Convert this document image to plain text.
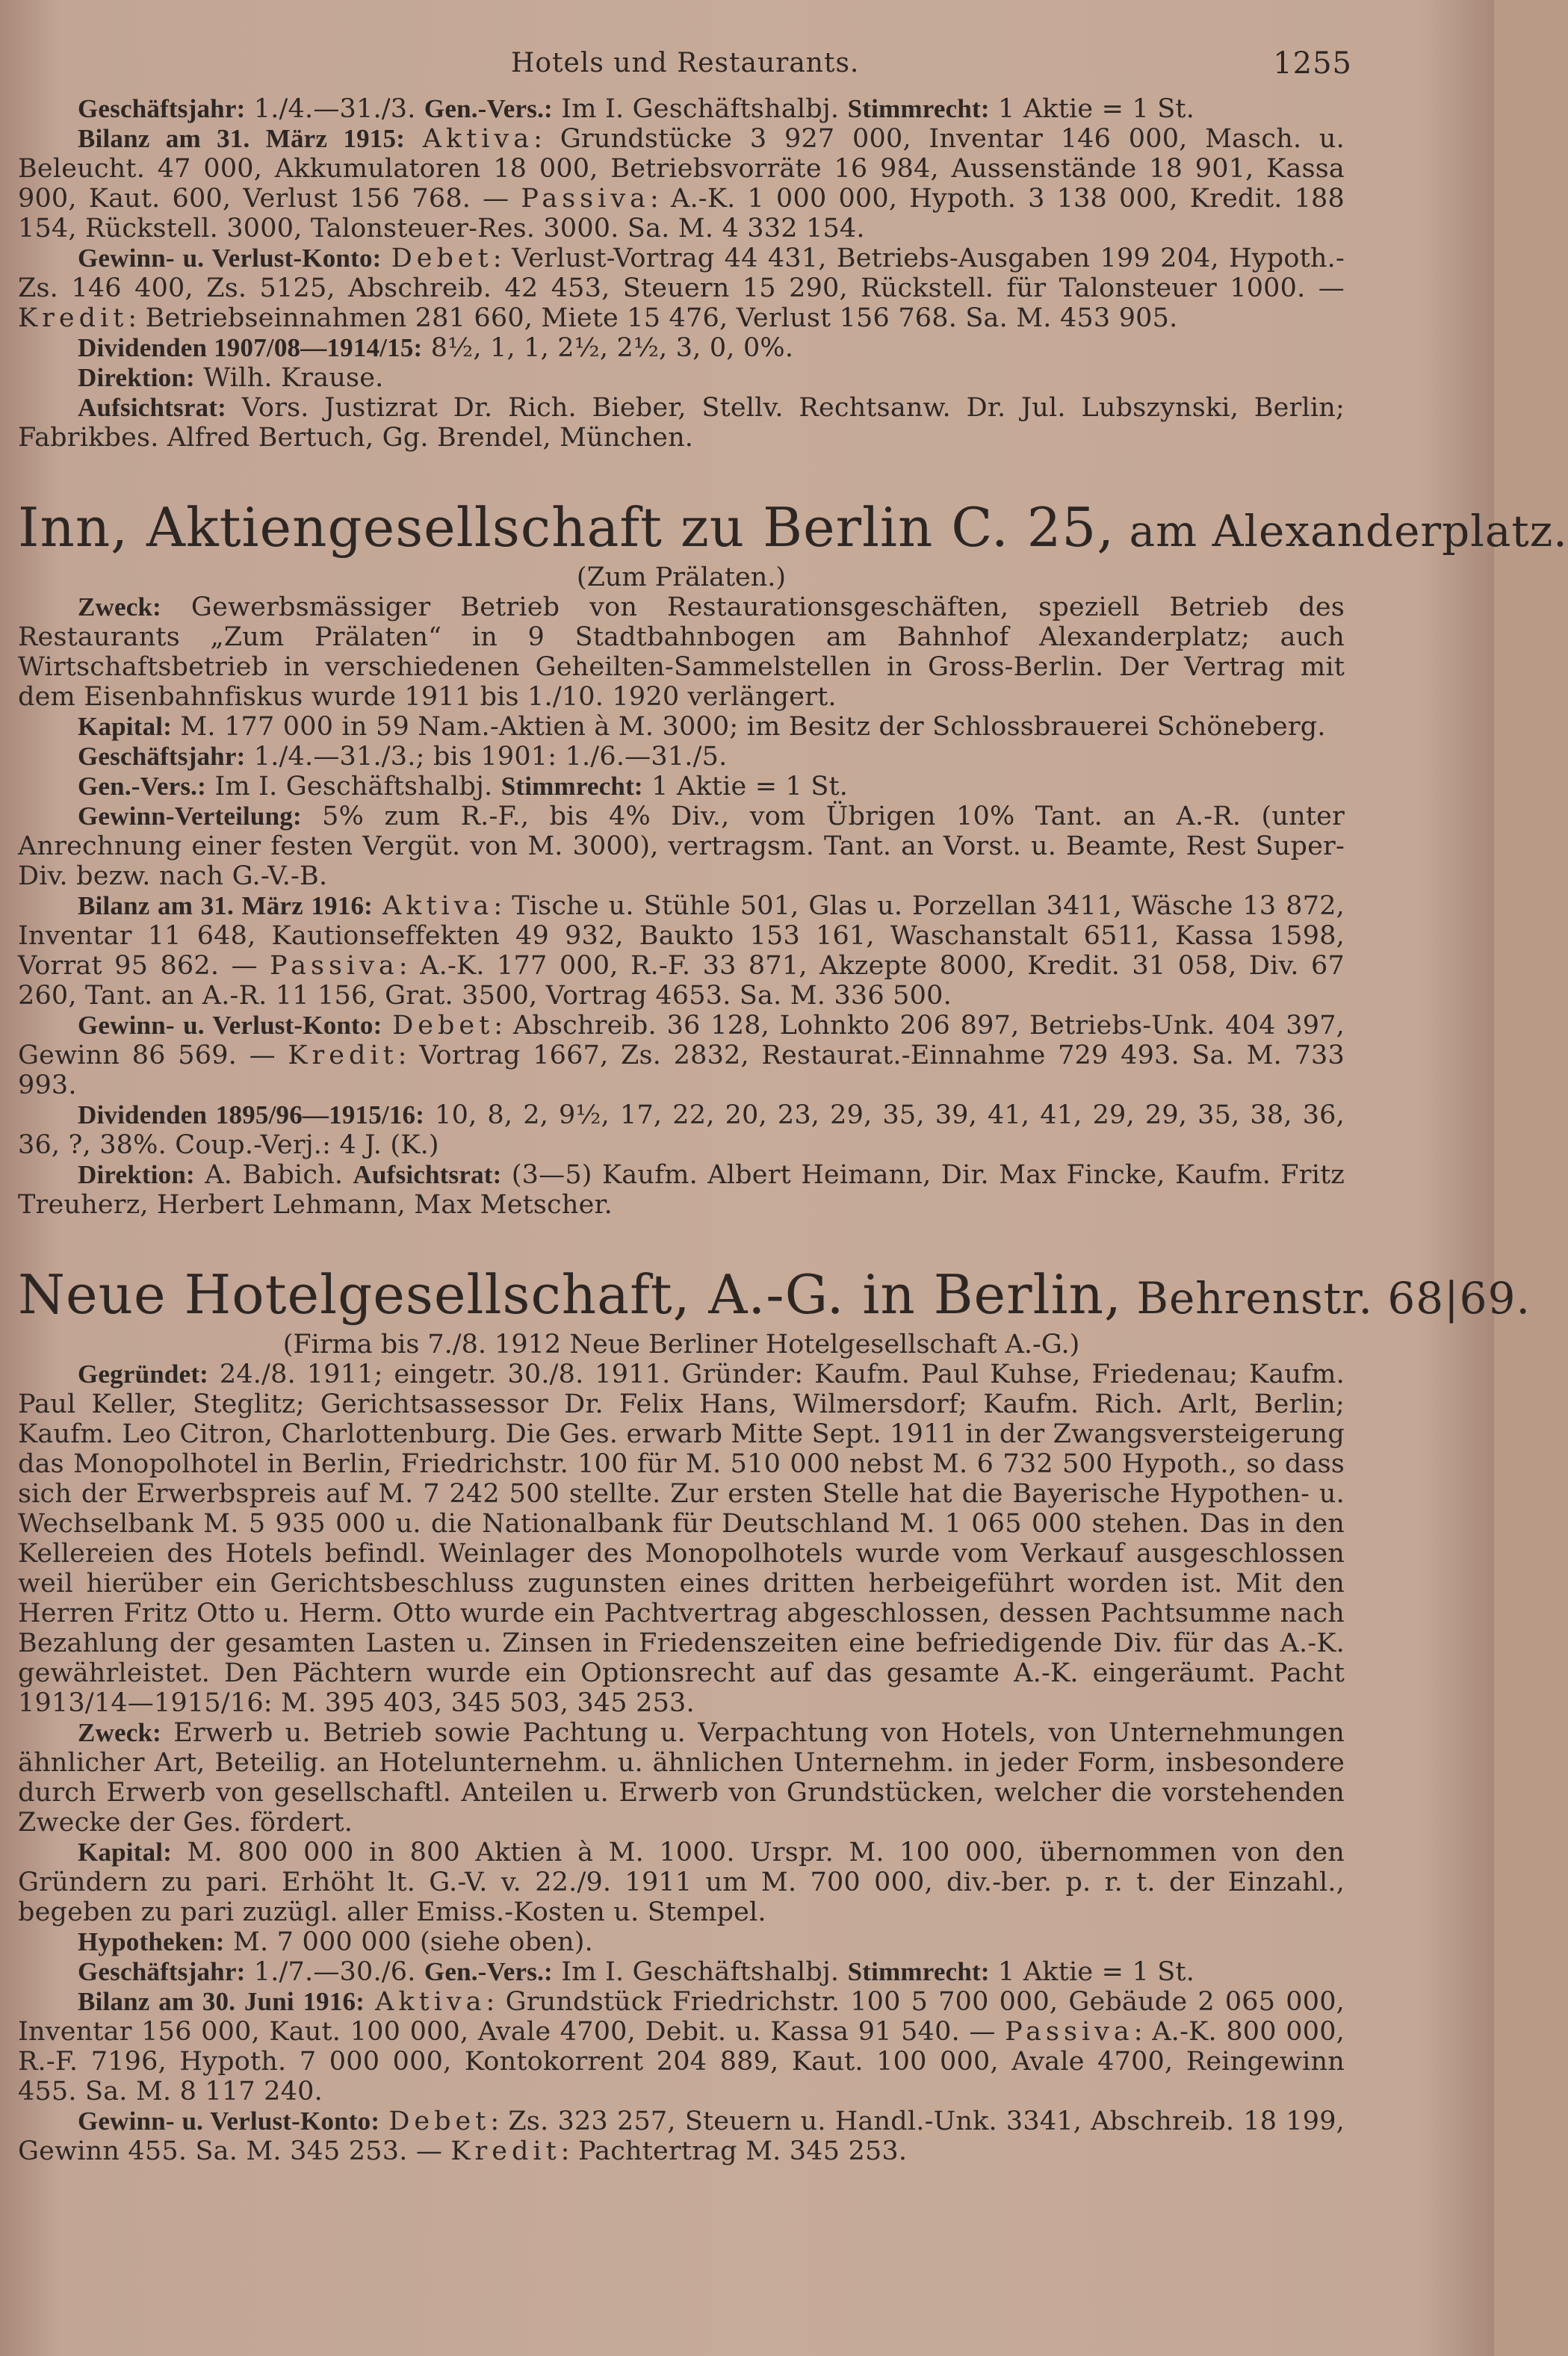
Hotels und Restaurants.	1255

Geschäftsjahr: 1./4.—31./3. Gen.-Vers.: Im I. Geschäftshalbj. Stimmrecht: 1 Aktie = 1 St.

Bilanz am 31. März 1915: Aktiva: Grundstücke 3 927 000, Inventar 146 000, Masch. u. Beleucht. 47 000, Akkumulatoren 18 000, Betriebsvorräte 16 984, Aussenstände 18 901, Kassa 900, Kaut. 600, Verlust 156 768. — Passiva: A.-K. 1 000 000, Hypoth. 3 138 000, Kredit. 188 154, Rückstell. 3000, Talonsteuer-Res. 3000. Sa. M. 4 332 154.

Gewinn- u. Verlust-Konto: Debet: Verlust-Vortrag 44 431, Betriebs-Ausgaben 199 204, Hypoth.-Zs. 146 400, Zs. 5125, Abschreib. 42 453, Steuern 15 290, Rückstell. für Talonsteuer 1000. — Kredit: Betriebseinnahmen 281 660, Miete 15 476, Verlust 156 768. Sa. M. 453 905.

Dividenden 1907/08—1914/15: 8½, 1, 1, 2½, 2½, 3, 0, 0%.

Direktion: Wilh. Krause.

Aufsichtsrat: Vors. Justizrat Dr. Rich. Bieber, Stellv. Rechtsanw. Dr. Jul. Lubszynski, Berlin; Fabrikbes. Alfred Bertuch, Gg. Brendel, München.

Inn, Aktiengesellschaft zu Berlin C. 25, am Alexanderplatz.
(Zum Prälaten.)

Zweck: Gewerbsmässiger Betrieb von Restaurationsgeschäften, speziell Betrieb des Restaurants „Zum Prälaten“ in 9 Stadtbahnbogen am Bahnhof Alexanderplatz; auch Wirtschaftsbetrieb in verschiedenen Geheilten-Sammelstellen in Gross-Berlin. Der Vertrag mit dem Eisenbahnfiskus wurde 1911 bis 1./10. 1920 verlängert.

Kapital: M. 177 000 in 59 Nam.-Aktien à M. 3000; im Besitz der Schlossbrauerei Schöneberg.

Geschäftsjahr: 1./4.—31./3.; bis 1901: 1./6.—31./5.

Gen.-Vers.: Im I. Geschäftshalbj. Stimmrecht: 1 Aktie = 1 St.

Gewinn-Verteilung: 5% zum R.-F., bis 4% Div., vom Übrigen 10% Tant. an A.-R. (unter Anrechnung einer festen Vergüt. von M. 3000), vertragsm. Tant. an Vorst. u. Beamte, Rest Super-Div. bezw. nach G.-V.-B.

Bilanz am 31. März 1916: Aktiva: Tische u. Stühle 501, Glas u. Porzellan 3411, Wäsche 13 872, Inventar 11 648, Kautionseffekten 49 932, Baukto 153 161, Waschanstalt 6511, Kassa 1598, Vorrat 95 862. — Passiva: A.-K. 177 000, R.-F. 33 871, Akzepte 8000, Kredit. 31 058, Div. 67 260, Tant. an A.-R. 11 156, Grat. 3500, Vortrag 4653. Sa. M. 336 500.

Gewinn- u. Verlust-Konto: Debet: Abschreib. 36 128, Lohnkto 206 897, Betriebs-Unk. 404 397, Gewinn 86 569. — Kredit: Vortrag 1667, Zs. 2832, Restaurat.-Einnahme 729 493. Sa. M. 733 993.

Dividenden 1895/96—1915/16: 10, 8, 2, 9½, 17, 22, 20, 23, 29, 35, 39, 41, 41, 29, 29, 35, 38, 36, 36, ?, 38%. Coup.-Verj.: 4 J. (K.)

Direktion: A. Babich. Aufsichtsrat: (3—5) Kaufm. Albert Heimann, Dir. Max Fincke, Kaufm. Fritz Treuherz, Herbert Lehmann, Max Metscher.

Neue Hotelgesellschaft, A.-G. in Berlin, Behrenstr. 68|69.
(Firma bis 7./8. 1912 Neue Berliner Hotelgesellschaft A.-G.)

Gegründet: 24./8. 1911; eingetr. 30./8. 1911. Gründer: Kaufm. Paul Kuhse, Friedenau; Kaufm. Paul Keller, Steglitz; Gerichtsassessor Dr. Felix Hans, Wilmersdorf; Kaufm. Rich. Arlt, Berlin; Kaufm. Leo Citron, Charlottenburg. Die Ges. erwarb Mitte Sept. 1911 in der Zwangsversteigerung das Monopolhotel in Berlin, Friedrichstr. 100 für M. 510 000 nebst M. 6 732 500 Hypoth., so dass sich der Erwerbspreis auf M. 7 242 500 stellte. Zur ersten Stelle hat die Bayerische Hypothen- u. Wechselbank M. 5 935 000 u. die Nationalbank für Deutschland M. 1 065 000 stehen. Das in den Kellereien des Hotels befindl. Weinlager des Monopolhotels wurde vom Verkauf ausgeschlossen weil hierüber ein Gerichtsbeschluss zugunsten eines dritten herbeigeführt worden ist. Mit den Herren Fritz Otto u. Herm. Otto wurde ein Pachtvertrag abgeschlossen, dessen Pachtsumme nach Bezahlung der gesamten Lasten u. Zinsen in Friedenszeiten eine befriedigende Div. für das A.-K. gewährleistet. Den Pächtern wurde ein Optionsrecht auf das gesamte A.-K. eingeräumt. Pacht 1913/14—1915/16: M. 395 403, 345 503, 345 253.

Zweck: Erwerb u. Betrieb sowie Pachtung u. Verpachtung von Hotels, von Unternehmungen ähnlicher Art, Beteilig. an Hotelunternehm. u. ähnlichen Unternehm. in jeder Form, insbesondere durch Erwerb von gesellschaftl. Anteilen u. Erwerb von Grundstücken, welcher die vorstehenden Zwecke der Ges. fördert.

Kapital: M. 800 000 in 800 Aktien à M. 1000. Urspr. M. 100 000, übernommen von den Gründern zu pari. Erhöht lt. G.-V. v. 22./9. 1911 um M. 700 000, div.-ber. p. r. t. der Einzahl., begeben zu pari zuzügl. aller Emiss.-Kosten u. Stempel.

Hypotheken: M. 7 000 000 (siehe oben).

Geschäftsjahr: 1./7.—30./6. Gen.-Vers.: Im I. Geschäftshalbj. Stimmrecht: 1 Aktie = 1 St.

Bilanz am 30. Juni 1916: Aktiva: Grundstück Friedrichstr. 100 5 700 000, Gebäude 2 065 000, Inventar 156 000, Kaut. 100 000, Avale 4700, Debit. u. Kassa 91 540. — Passiva: A.-K. 800 000, R.-F. 7196, Hypoth. 7 000 000, Kontokorrent 204 889, Kaut. 100 000, Avale 4700, Reingewinn 455. Sa. M. 8 117 240.

Gewinn- u. Verlust-Konto: Debet: Zs. 323 257, Steuern u. Handl.-Unk. 3341, Abschreib. 18 199, Gewinn 455. Sa. M. 345 253. — Kredit: Pachtertrag M. 345 253.
